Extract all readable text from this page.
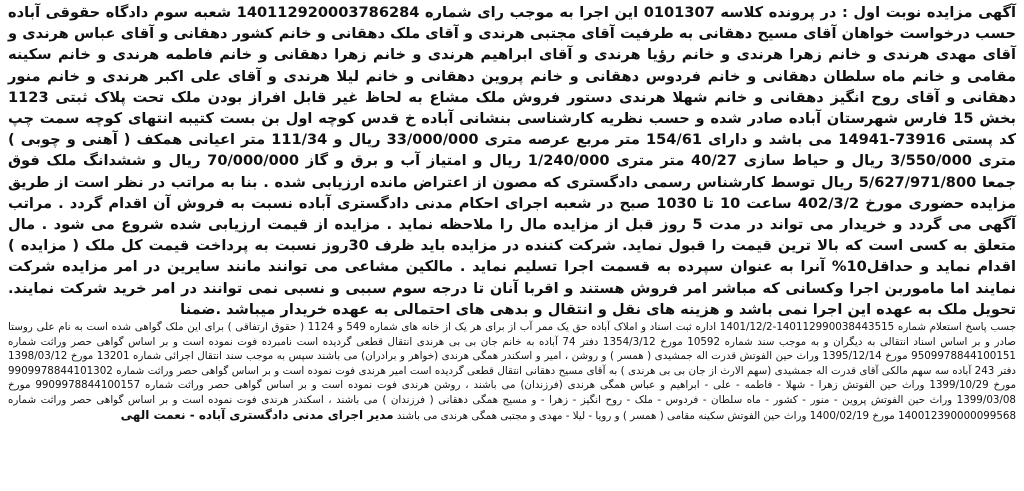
آگهی مزایده نوبت اول : در پرونده کلاسه 0101307 این اجرا به موجب رای شماره 140112920003786284 شعبه سوم دادگاه حقوقی آباده حسب درخواست خواهان آقای مسیح دهقانی به طرفیت آقای مجتبی هرندی و آقای ملک دهقانی و خانم کشور دهقانی و آقای عباس هرندی و آقای مهدی هرندی و خانم زهرا هرندی و خانم رؤیا هرندی و آقای ابراهیم هرندی و خانم زهرا دهقانی و خانم فاطمه هرندی و خانم سکینه مقامی و خانم ماه سلطان دهقانی و خانم فردوس دهقانی و خانم پروین دهقانی و خانم لیلا هرندی و آقای علی اکبر هرندی و خانم منور دهقانی و آقای روح انگیز دهقانی و خانم شهلا هرندی دستور فروش ملک مشاع به لحاظ غیر قابل افراز بودن ملک تحت پلاک ثبتی 1123 بخش 15 فارس شهرستان آباده صادر شده و حسب نظریه کارشناسی بنشانی آباده خ قدس کوچه اول بن بست کتیبه انتهای کوچه سمت چپ کد پستی 73916-14941 می باشد و دارای 154/61 متر مربع عرصه متری 33/000/000 ریال و 111/34 متر اعیانی همکف ( آهنی و چوبی ) متری 3/550/000 ریال و حیاط سازی 40/27 متر متری 1/240/000 ریال و امتیاز آب و برق و گاز 70/000/000 ریال و ششدانگ ملک فوق جمعا 5/627/971/800 ریال توسط کارشناس رسمی دادگستری که مصون از اعتراض مانده ارزیابی شده . بنا به مراتب در نظر است از طریق مزایده حضوری مورخ 402/3/2 ساعت 10 تا 1030 صبح در شعبه اجرای احکام مدنی دادگستری آباده نسبت به فروش آن اقدام گردد . مراتب آگهی می گردد و خریدار می تواند در مدت 5 روز قبل از مزایده مال را ملاحظه نماید . مزایده از قیمت ارزیابی شده شروع می شود . مال متعلق به کسی است که بالا ترین قیمت را قبول نماید. شرکت کننده در مزایده باید ظرف 30روز نسبت به پرداخت قیمت کل ملک ( مزایده ) اقدام نماید و حداقل10% آنرا به عنوان سپرده به قسمت اجرا تسلیم نماید . مالکین مشاعی می توانند مانند سایرین در امر مزایده شرکت نمایند اما ماموربن اجرا وکسانی که مباشر امر فروش هستند و اقربا آنان تا درجه سوم سببی و نسبی نمی توانند در امر خرید شرکت نمایند. تحویل ملک به عهده این اجرا نمی باشد و هزینه های نقل و انتقال و بدهی های احتمالی به عهده خریدار میباشد .ضمنا

جسب پاسخ استعلام شماره 140112990038443515-1401/12/2 اداره ثبت اسناد و املاک آباده حق یک ممر آب از برای هر یک از خانه های شماره 549 و 1124 ( حقوق ارتفاقی ) برای این ملک گواهی شده است به نام علی روستا صادر و بر اساس اسناد انتقالی به دیگران و به موجب سند شماره 10592 مورخ 1354/3/12 دفتر 74 آباده به خانم جان بی بی هرندی انتقال قطعی گردیده است نامبرده فوت نموده است و بر اساس گواهی حصر وراثت شماره 9509978844100151 مورخ 1395/12/14 وراث حین الفوتش قدرت اله جمشیدی ( همسر ) و روشن ، امیر و اسکندر همگی هرندی (خواهر و برادران) می باشند سپس به موجب سند انتقال اجرائی شماره 13201 مورخ 1398/03/12 دفتر 243 آباده سه سهم مالکی آقای قدرت اله جمشیدی (سهم الارث از جان بی بی هرندی ) به آقای مسیح دهقانی انتقال قطعی گردیده است امیر هرندی فوت نموده است و بر اساس گواهی حصر وراثت شماره 9909978844101302 مورخ 1399/10/29 وراث حین الفوتش زهرا - شهلا - فاطمه - علی - ابراهیم و عباس همگی هرندی (فرزندان) می باشند ، روشن هرندی فوت نموده است و بر اساس گواهی حصر وراثت شماره 9909978844100157 مورخ 1399/03/08 وراث حین الفوتش پروین - منور - کشور - ماه سلطان - فردوس - ملک - روح انگیز - زهرا - و مسیح همگی دهقانی ( فرزندان ) می باشند ، اسکندر هرندی فوت نموده است و بر اساس گواهی حصر وراثت شماره 140012390000099568 مورخ 1400/02/19 وراث حین الفوتش سکینه مقامی ( همسر ) و رویا - لیلا - مهدی و مجتبی همگی هرندی می باشند مدیر اجرای مدنی دادگستری آباده - نعمت الهی
